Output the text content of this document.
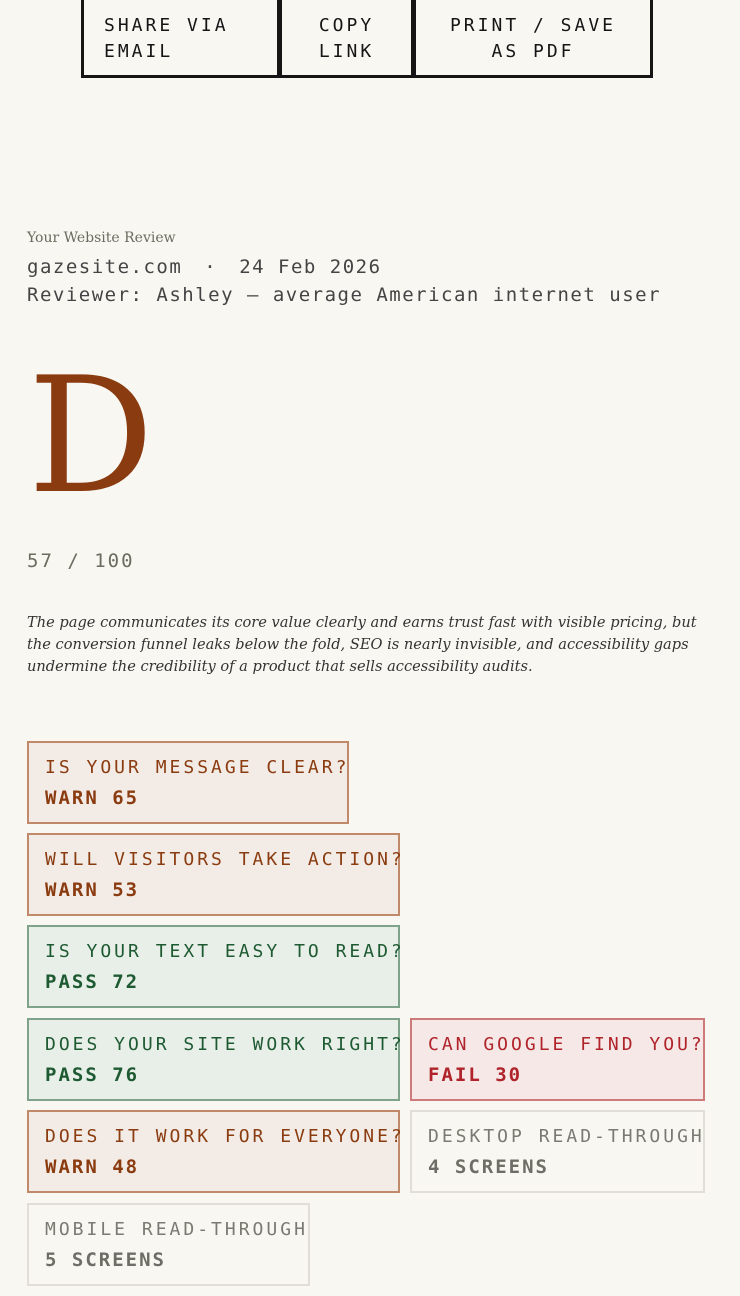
SHARE VIA EMAIL
COPY LINK
PRINT / SAVE AS PDF
Your Website Review
gazesite.com · 24 Feb 2026
Reviewer: Ashley — average American internet user
D
57 / 100
The page communicates its core value clearly and earns trust fast with visible pricing, but the conversion funnel leaks below the fold, SEO is nearly invisible, and accessibility gaps undermine the credibility of a product that sells accessibility audits.
IS YOUR MESSAGE CLEAR?
WARN 65
WILL VISITORS TAKE ACTION?
WARN 53
IS YOUR TEXT EASY TO READ?
PASS 72
DOES YOUR SITE WORK RIGHT?
PASS 76
CAN GOOGLE FIND YOU?
FAIL 30
DOES IT WORK FOR EVERYONE?
WARN 48
DESKTOP READ-THROUGH
4 SCREENS
MOBILE READ-THROUGH
5 SCREENS
